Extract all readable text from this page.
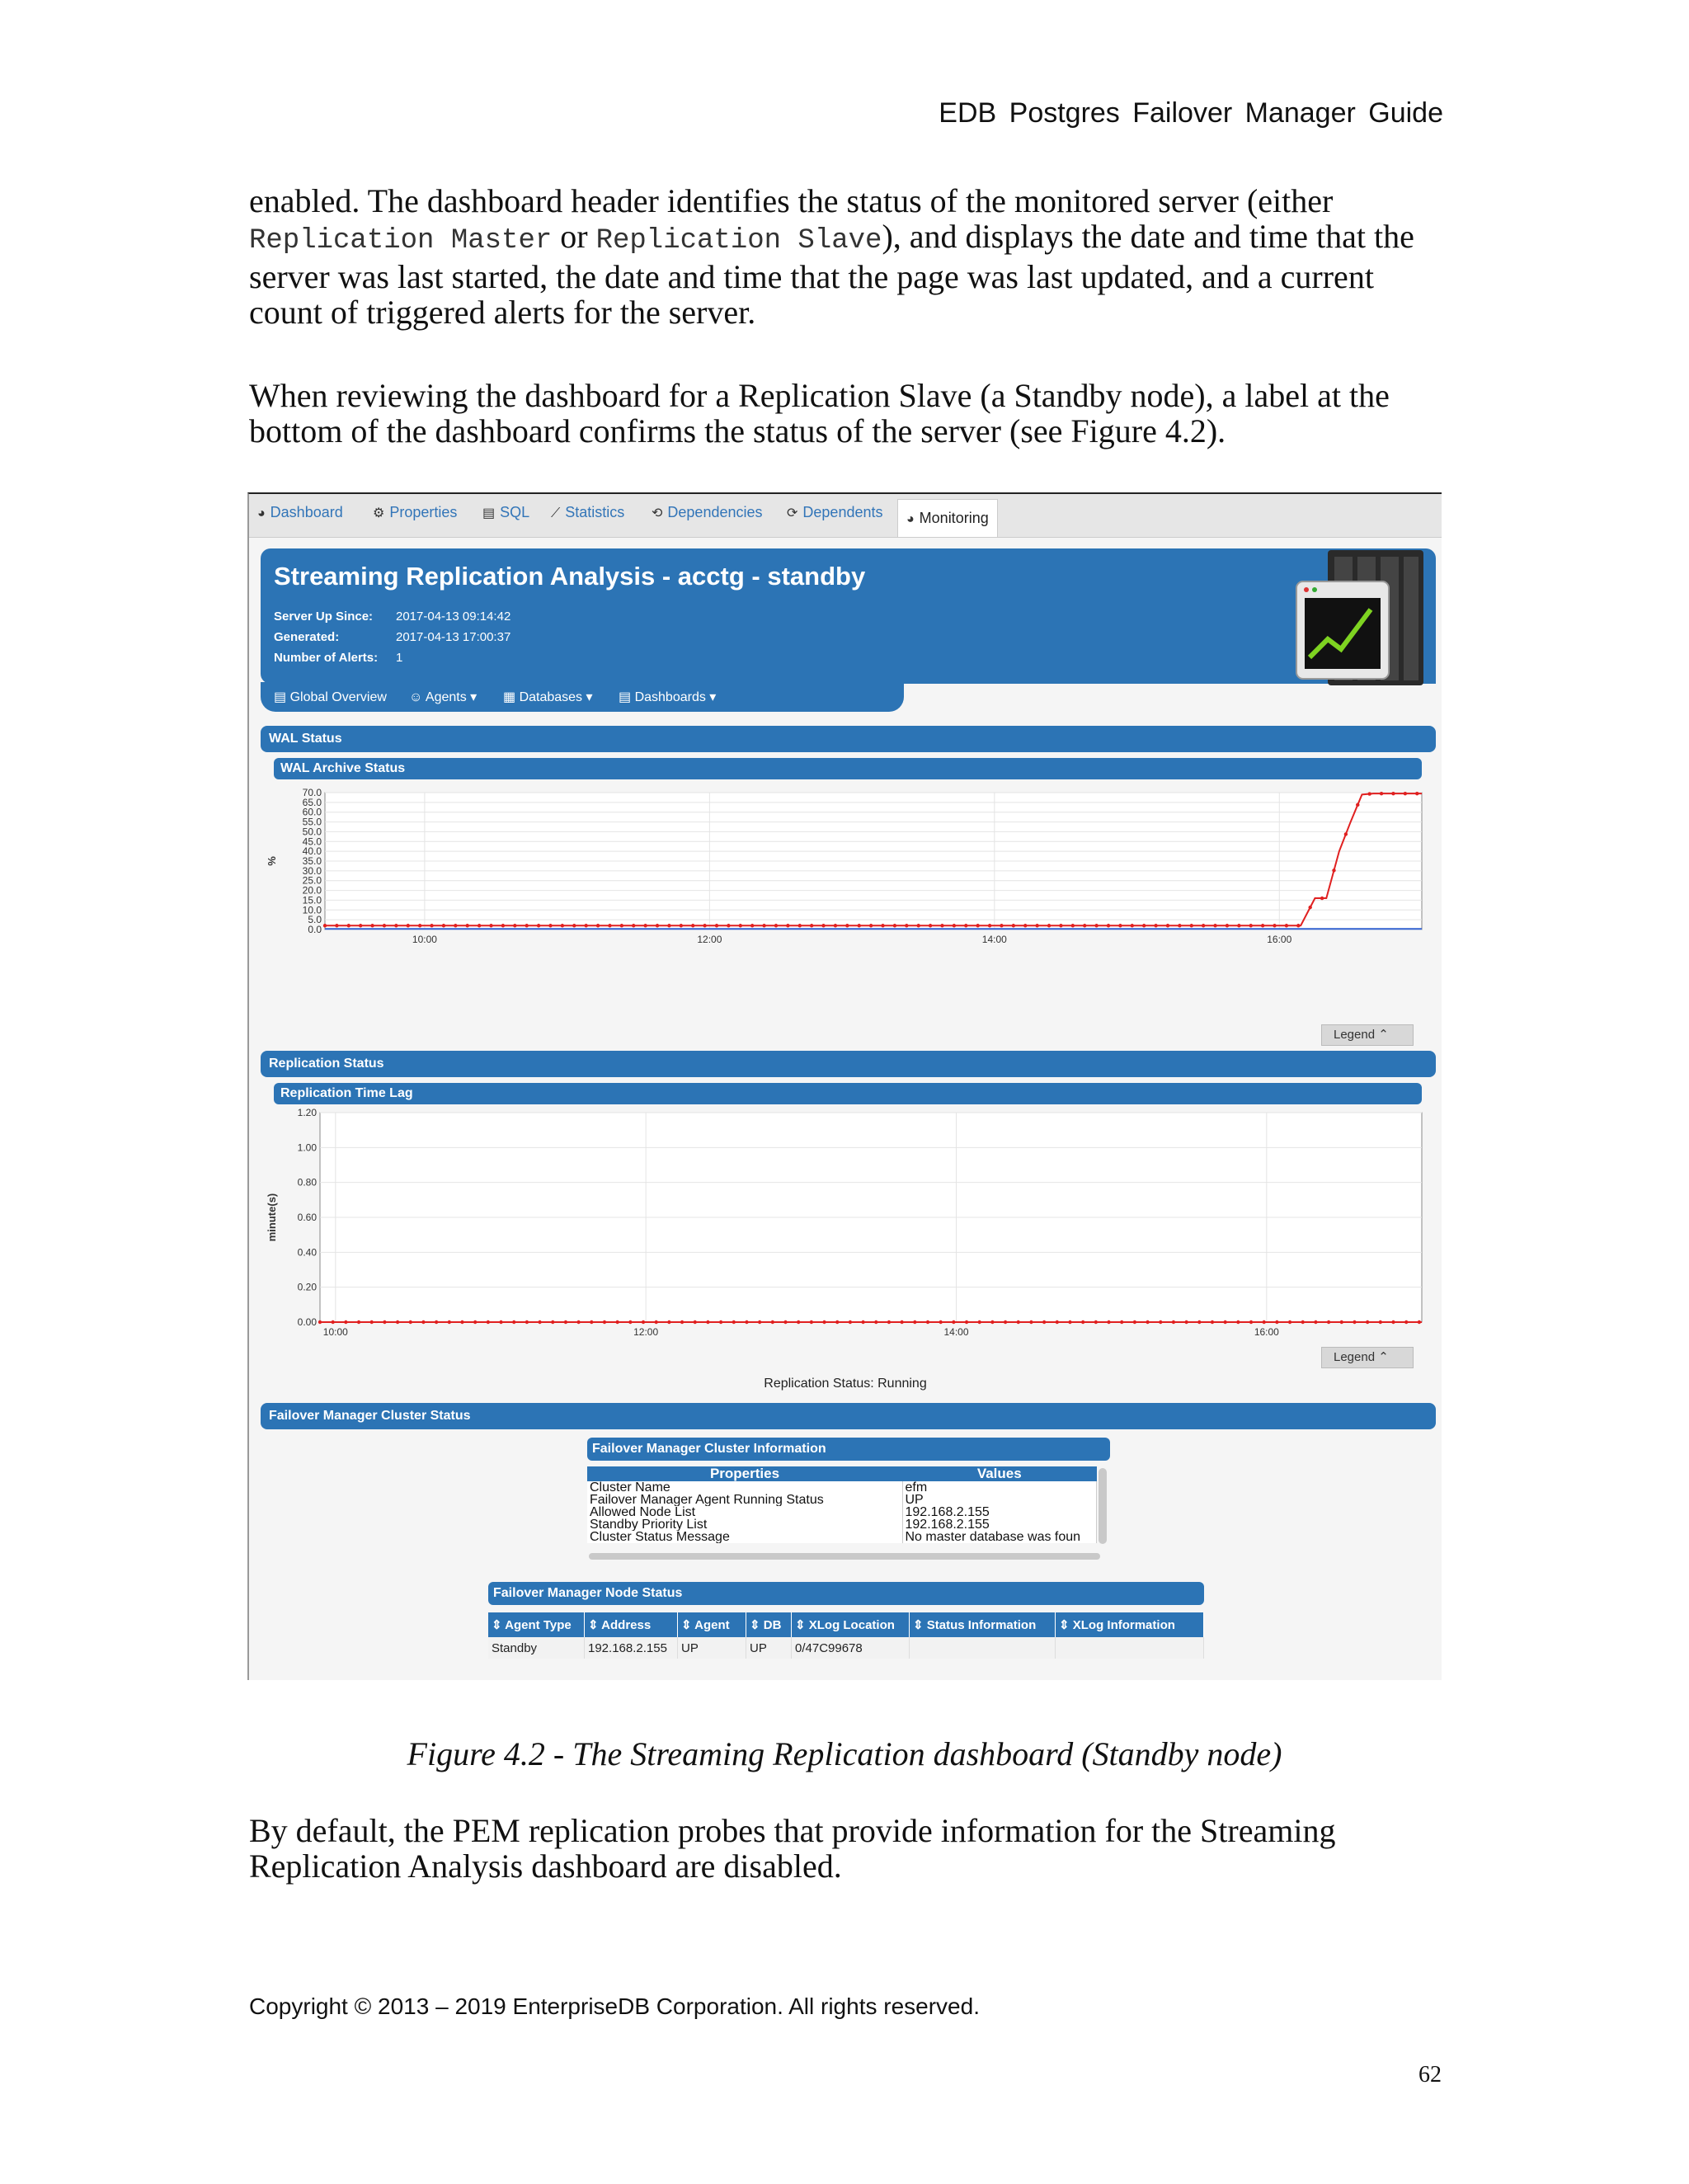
EDB Postgres Failover Manager Guide

enabled. The dashboard header identifies the status of the monitored server (either
Replication Master or Replication Slave), and displays the date and time that the server was last started, the date and time that the page was last updated, and a current count of triggered alerts for the server.

When reviewing the dashboard for a Replication Slave (a Standby node), a label at the bottom of the dashboard confirms the status of the server (see Figure 4.2).

◕ Dashboard ⚙ Properties ▤ SQL ⟋ Statistics ⟲ Dependencies ⟳ Dependents	◕ Monitoring
Streaming Replication Analysis - acctg - standby
Server Up Since: 2017-04-13 09:14:42
Generated:	2017-04-13 17:00:37
Number of Alerts: 1
▤ Global Overview ☺ Agents ▾ ▦ Databases ▾ ▤ Dashboards ▾
WAL Status
WAL Archive Status
0.0
5.0
10.0
15.0
20.0
25.0
30.0
35.0
40.0
45.0
50.0
55.0
60.0
65.0
70.0
10:00	12:00	14:00	16:00
%
Legend ⌃
Replication Status
Replication Time Lag
0.00
0.20
0.40
0.60
0.80
1.00
1.20
10:00	12:00	14:00	16:00
minute(s)
Legend ⌃
Replication Status: Running
Failover Manager Cluster Status
Failover Manager Cluster Information
Properties	Values
Cluster Name	efm
Failover Manager Agent Running Status	UP
Allowed Node List	192.168.2.155
Standby Priority List	192.168.2.155
Cluster Status Message	No master database was foun
Failover Manager Node Status
⇕ Agent Type	⇕ Address	⇕ Agent	⇕ DB	⇕ XLog Location	⇕ Status Information	⇕ XLog Information
Standby	192.168.2.155	UP	UP	0/47C99678		
Figure 4.2 - The Streaming Replication dashboard (Standby node)

By default, the PEM replication probes that provide information for the Streaming Replication Analysis dashboard are disabled.

Copyright © 2013 – 2019 EnterpriseDB Corporation. All rights reserved.
62
